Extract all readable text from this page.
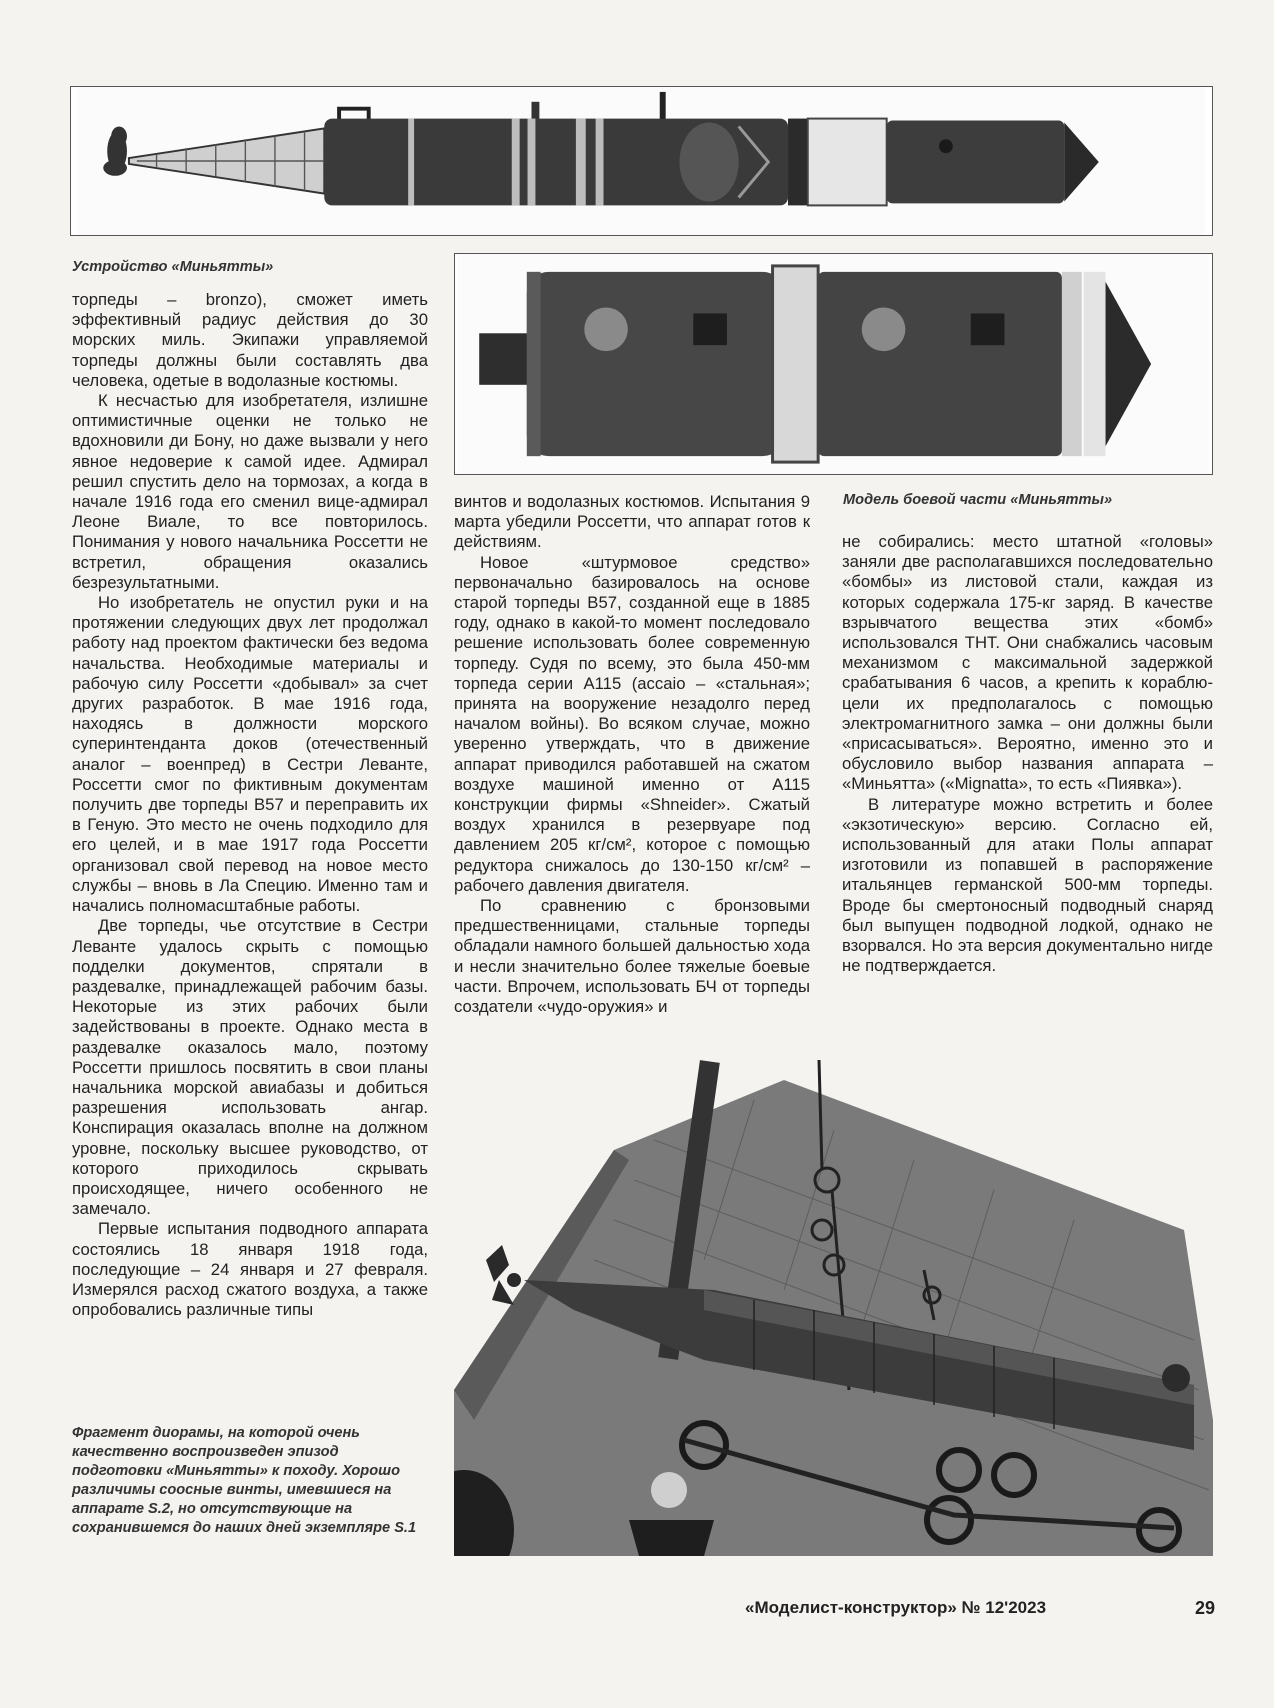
Устройство «Миньятты»
Модель боевой части «Миньятты»
Фрагмент диорамы, на которой очень качественно воспроизведен эпизод подготовки «Миньятты» к походу. Хорошо различимы соосные винты, имевшиеся на аппарате S.2, но отсутствующие на сохранившемся до наших дней экземпляре S.1

торпеды – bronzo), сможет иметь эффективный радиус действия до 30 морских миль. Экипажи управляемой торпеды должны были составлять два человека, одетые в водолазные костюмы.

К несчастью для изобретателя, излишне оптимистичные оценки не только не вдохновили ди Бону, но даже вызвали у него явное недоверие к самой идее. Адмирал решил спустить дело на тормозах, а когда в начале 1916 года его сменил вице-адмирал Леоне Виале, то все повторилось. Понимания у нового начальника Россетти не встретил, обращения оказались безрезультатными.

Но изобретатель не опустил руки и на протяжении следующих двух лет продолжал работу над проектом фактически без ведома начальства. Необходимые материалы и рабочую силу Россетти «добывал» за счет других разработок. В мае 1916 года, находясь в должности морского суперинтенданта доков (отечественный аналог – военпред) в Сестри Леванте, Россетти смог по фиктивным документам получить две торпеды В57 и переправить их в Геную. Это место не очень подходило для его целей, и в мае 1917 года Россетти организовал свой перевод на новое место службы – вновь в Ла Специю. Именно там и начались полномасштабные работы.

Две торпеды, чье отсутствие в Сестри Леванте удалось скрыть с помощью подделки документов, спрятали в раздевалке, принадлежащей рабочим базы. Некоторые из этих рабочих были задействованы в проекте. Однако места в раздевалке оказалось мало, поэтому Россетти пришлось посвятить в свои планы начальника морской авиабазы и добиться разрешения использовать ангар. Конспирация оказалась вполне на должном уровне, поскольку высшее руководство, от которого приходилось скрывать происходящее, ничего особенного не замечало.

Первые испытания подводного аппарата состоялись 18 января 1918 года, последующие – 24 января и 27 февраля. Измерялся расход сжатого воздуха, а также опробовались различные типы

винтов и водолазных костюмов. Испытания 9 марта убедили Россетти, что аппарат готов к действиям.

Новое «штурмовое средство» первоначально базировалось на основе старой торпеды В57, созданной еще в 1885 году, однако в какой-то момент последовало решение использовать более современную торпеду. Судя по всему, это была 450-мм торпеда серии А115 (accaio – «стальная»; принята на вооружение незадолго перед началом войны). Во всяком случае, можно уверенно утверждать, что в движение аппарат приводился работавшей на сжатом воздухе машиной именно от А115 конструкции фирмы «Shneider». Сжатый воздух хранился в резервуаре под давлением 205 кг/см², которое с помощью редуктора снижалось до 130-150 кг/см² – рабочего давления двигателя.

По сравнению с бронзовыми предшественницами, стальные торпеды обладали намного большей дальностью хода и несли значительно более тяжелые боевые части. Впрочем, использовать БЧ от торпеды создатели «чудо-оружия» и

не собирались: место штатной «головы» заняли две располагавшихся последовательно «бомбы» из листовой стали, каждая из которых содержала 175-кг заряд. В качестве взрывчатого вещества этих «бомб» использовался ТНТ. Они снабжались часовым механизмом с максимальной задержкой срабатывания 6 часов, а крепить к кораблю-цели их предполагалось с помощью электромагнитного замка – они должны были «присасываться». Вероятно, именно это и обусловило выбор названия аппарата – «Миньятта» («Mignatta», то есть «Пиявка»).

В литературе можно встретить и более «экзотическую» версию. Согласно ей, использованный для атаки Полы аппарат изготовили из попавшей в распоряжение итальянцев германской 500-мм торпеды. Вроде бы смертоносный подводный снаряд был выпущен подводной лодкой, однако не взорвался. Но эта версия документально нигде не подтверждается.

«Моделист-конструктор» № 12'2023	29
